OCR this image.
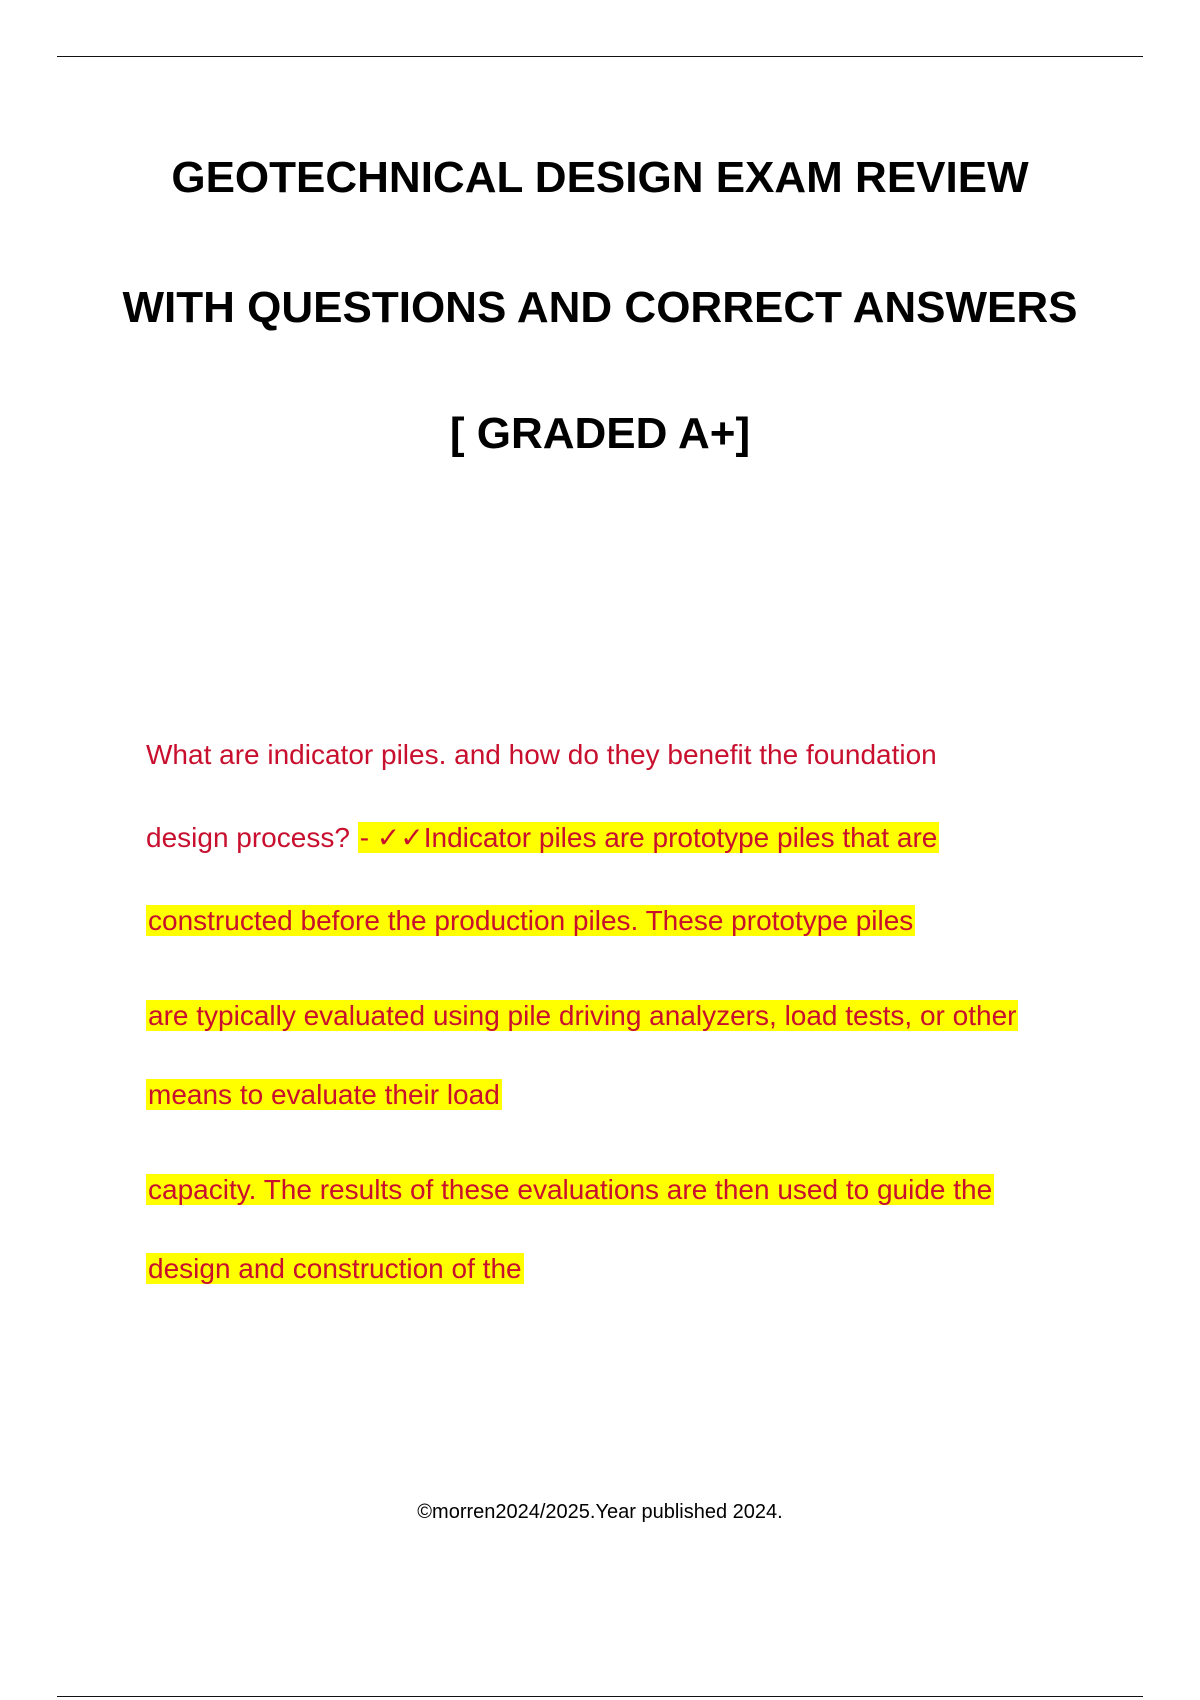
GEOTECHNICAL DESIGN EXAM REVIEW
WITH QUESTIONS AND CORRECT ANSWERS
[ GRADED A+]
What are indicator piles. and how do they benefit the foundation
design process? - ✓✓Indicator piles are prototype piles that are
constructed before the production piles. These prototype piles
are typically evaluated using pile driving analyzers, load tests, or other
means to evaluate their load
capacity. The results of these evaluations are then used to guide the
design and construction of the
©morren2024/2025.Year published 2024.
